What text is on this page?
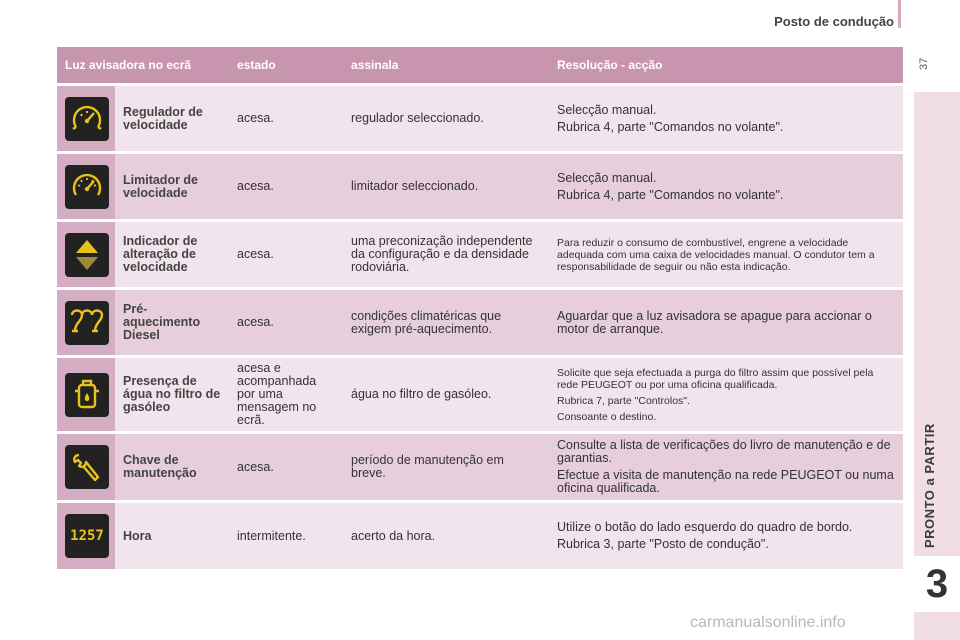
Posto de condução
37
PRONTO a PARTIR
3
Luz avisadora no ecrã		estado	assinala	Resolução - acção

	Regulador de velocidade	acesa.	regulador seleccionado.	Selecção manual.
Rubrica 4, parte "Comandos no volante".

	Limitador de velocidade	acesa.	limitador seleccionado.	Selecção manual.
Rubrica 4, parte "Comandos no volante".

	Indicador de alteração de velocidade	acesa.	uma preconização independente da configuração e da densidade rodoviária.	Para reduzir o consumo de combustível, engrene a velocidade adequada com uma caixa de velocidades manual. O condutor tem a responsabilidade de seguir ou não esta indicação.

	Pré-aquecimento Diesel	acesa.	condições climatéricas que exigem pré-aquecimento.	Aguardar que a luz avisadora se apague para accionar o motor de arranque.

	Presença de água no filtro de gasóleo	acesa e acompanhada por uma mensagem no ecrã.	água no filtro de gasóleo.	Solicite que seja efectuada a purga do filtro assim que possível pela rede PEUGEOT ou por uma oficina qualificada.
Rubrica 7, parte "Controlos".
Consoante o destino.

	Chave de manutenção	acesa.	período de manutenção em breve.	Consulte a lista de verificações do livro de manutenção e de garantias.
Efectue a visita de manutenção na rede PEUGEOT ou numa oficina qualificada.

1257	Hora	intermitente.	acerto da hora.	Utilize o botão do lado esquerdo do quadro de bordo.
Rubrica 3, parte "Posto de condução".
carmanualsonline.info
